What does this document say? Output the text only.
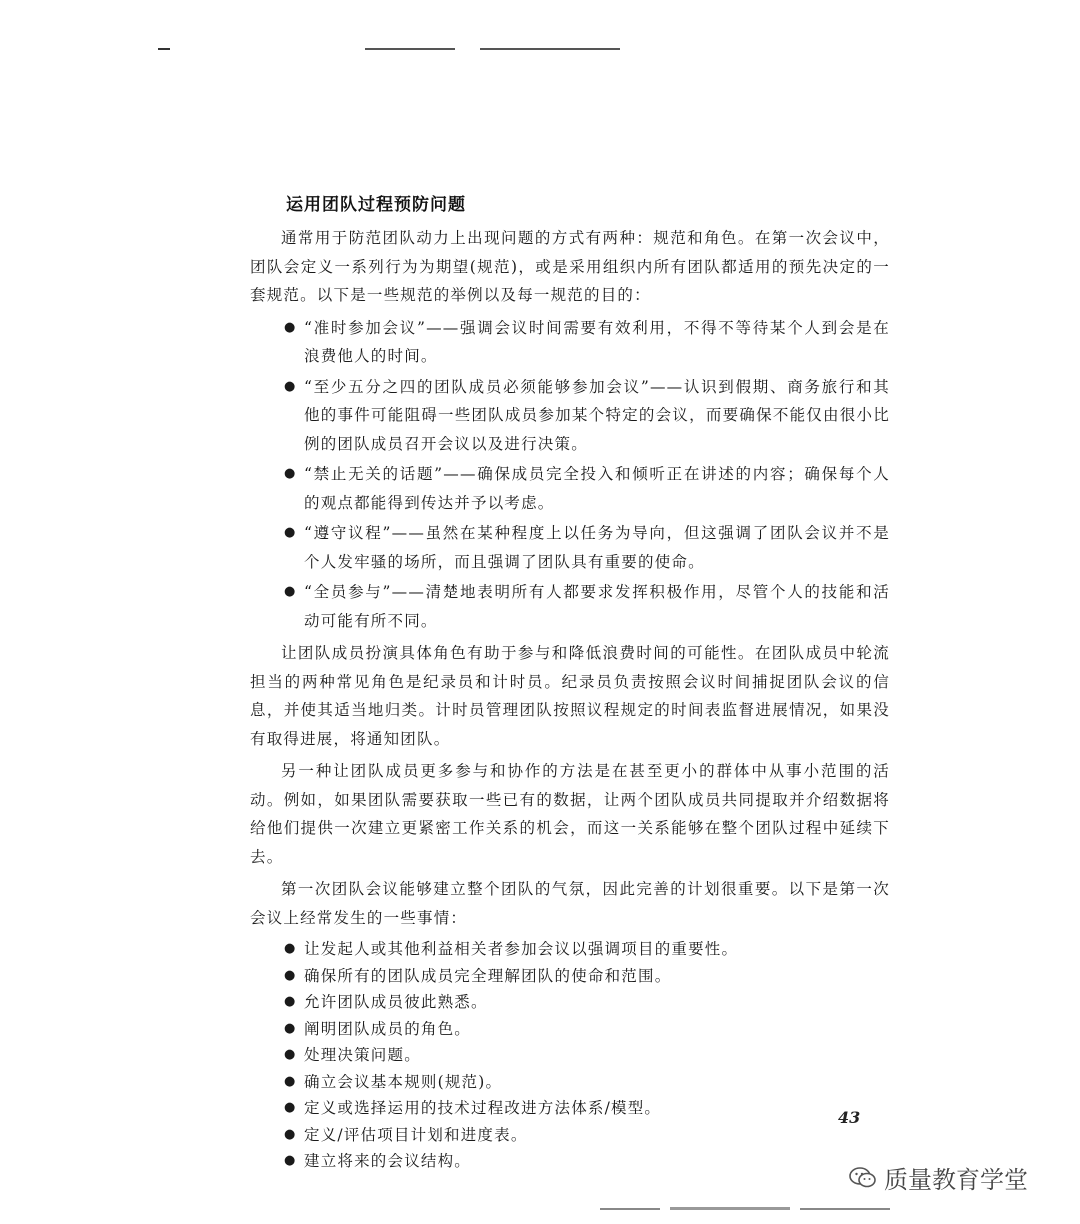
运用团队过程预防问题

通常用于防范团队动力上出现问题的方式有两种：规范和角色。在第一次会议中，团队会定义一系列行为为期望(规范)，或是采用组织内所有团队都适用的预先决定的一套规范。以下是一些规范的举例以及每一规范的目的：

● “准时参加会议”——强调会议时间需要有效利用，不得不等待某个人到会是在浪费他人的时间。
● “至少五分之四的团队成员必须能够参加会议”——认识到假期、商务旅行和其他的事件可能阻碍一些团队成员参加某个特定的会议，而要确保不能仅由很小比例的团队成员召开会议以及进行决策。
● “禁止无关的话题”——确保成员完全投入和倾听正在讲述的内容；确保每个人的观点都能得到传达并予以考虑。
● “遵守议程”——虽然在某种程度上以任务为导向，但这强调了团队会议并不是个人发牢骚的场所，而且强调了团队具有重要的使命。
● “全员参与”——清楚地表明所有人都要求发挥积极作用，尽管个人的技能和活动可能有所不同。

让团队成员扮演具体角色有助于参与和降低浪费时间的可能性。在团队成员中轮流担当的两种常见角色是纪录员和计时员。纪录员负责按照会议时间捕捉团队会议的信息，并使其适当地归类。计时员管理团队按照议程规定的时间表监督进展情况，如果没有取得进展，将通知团队。

另一种让团队成员更多参与和协作的方法是在甚至更小的群体中从事小范围的活动。例如，如果团队需要获取一些已有的数据，让两个团队成员共同提取并介绍数据将给他们提供一次建立更紧密工作关系的机会，而这一关系能够在整个团队过程中延续下去。

第一次团队会议能够建立整个团队的气氛，因此完善的计划很重要。以下是第一次会议上经常发生的一些事情：

● 让发起人或其他利益相关者参加会议以强调项目的重要性。
● 确保所有的团队成员完全理解团队的使命和范围。
● 允许团队成员彼此熟悉。
● 阐明团队成员的角色。
● 处理决策问题。
● 确立会议基本规则(规范)。
● 定义或选择运用的技术过程改进方法体系/模型。
● 定义/评估项目计划和进度表。
● 建立将来的会议结构。
43
质量教育学堂
